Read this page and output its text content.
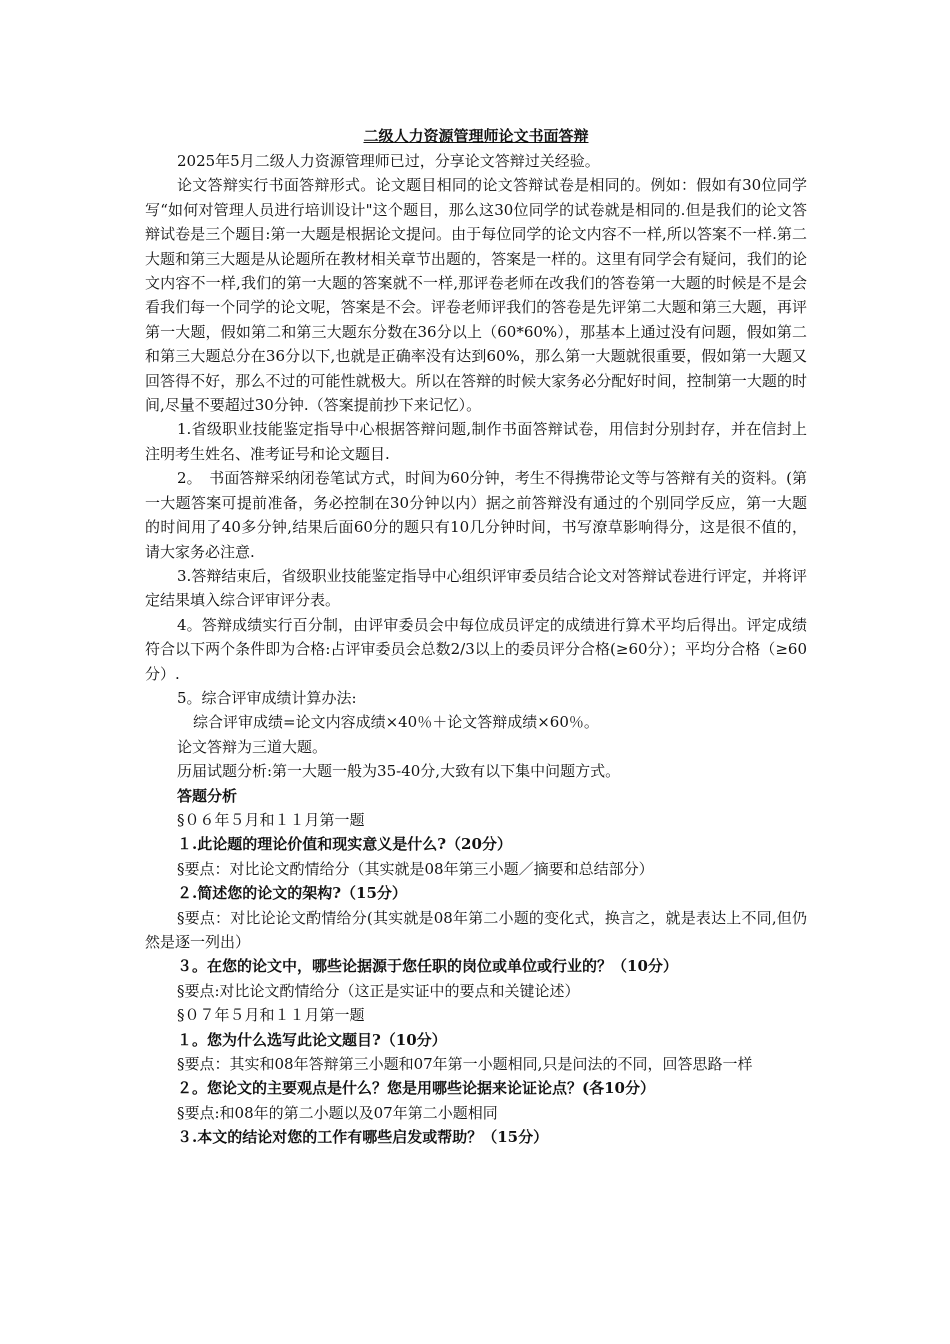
二级人力资源管理师论文书面答辩

2025年5月二级人力资源管理师已过，分享论文答辩过关经验。

论文答辩实行书面答辩形式。论文题目相同的论文答辩试卷是相同的。例如：假如有30位同学写“如何对管理人员进行培训设计"这个题目，那么这30位同学的试卷就是相同的.但是我们的论文答辩试卷是三个题目:第一大题是根据论文提问。由于每位同学的论文内容不一样,所以答案不一样.第二大题和第三大题是从论题所在教材相关章节出题的，答案是一样的。这里有同学会有疑问，我们的论文内容不一样,我们的第一大题的答案就不一样,那评卷老师在改我们的答卷第一大题的时候是不是会看我们每一个同学的论文呢，答案是不会。评卷老师评我们的答卷是先评第二大题和第三大题，再评第一大题，假如第二和第三大题东分数在36分以上（60*60%），那基本上通过没有问题，假如第二和第三大题总分在36分以下,也就是正确率没有达到60%，那么第一大题就很重要，假如第一大题又回答得不好，那么不过的可能性就极大。所以在答辩的时候大家务必分配好时间，控制第一大题的时间,尽量不要超过30分钟.（答案提前抄下来记忆）。

1.省级职业技能鉴定指导中心根据答辩问题,制作书面答辩试卷，用信封分别封存，并在信封上注明考生姓名、准考证号和论文题目.

2。　书面答辩采纳闭卷笔试方式，时间为60分钟，考生不得携带论文等与答辩有关的资料。(第一大题答案可提前准备，务必控制在30分钟以内）据之前答辩没有通过的个别同学反应，第一大题的时间用了40多分钟,结果后面60分的题只有10几分钟时间，书写潦草影响得分，这是很不值的，请大家务必注意.

3.答辩结束后，省级职业技能鉴定指导中心组织评审委员结合论文对答辩试卷进行评定，并将评定结果填入综合评审评分表。

4。答辩成绩实行百分制，由评审委员会中每位成员评定的成绩进行算术平均后得出。评定成绩符合以下两个条件即为合格:占评审委员会总数2/3以上的委员评分合格(≥60分）；平均分合格（≥60分）.

5。综合评审成绩计算办法:

综合评审成绩=论文内容成绩×40％＋论文答辩成绩×60％。

论文答辩为三道大题。

历届试题分析:第一大题一般为35-40分,大致有以下集中问题方式。

答题分析

§０６年５月和１１月第一题

１.此论题的理论价值和现实意义是什么?（20分）

§要点：对比论文酌情给分（其实就是08年第三小题／摘要和总结部分）

２.简述您的论文的架构?（15分）

§要点：对比论论文酌情给分(其实就是08年第二小题的变化式，换言之，就是表达上不同,但仍然是逐一列出）

３。在您的论文中，哪些论据源于您任职的岗位或单位或行业的？（10分）

§要点:对比论文酌情给分（这正是实证中的要点和关键论述）

§０７年５月和１１月第一题

１。您为什么选写此论文题目?（10分）

§要点：其实和08年答辩第三小题和07年第一小题相同,只是问法的不同，回答思路一样

２。您论文的主要观点是什么？您是用哪些论据来论证论点？(各10分）

§要点:和08年的第二小题以及07年第二小题相同

３.本文的结论对您的工作有哪些启发或帮助？（15分）
